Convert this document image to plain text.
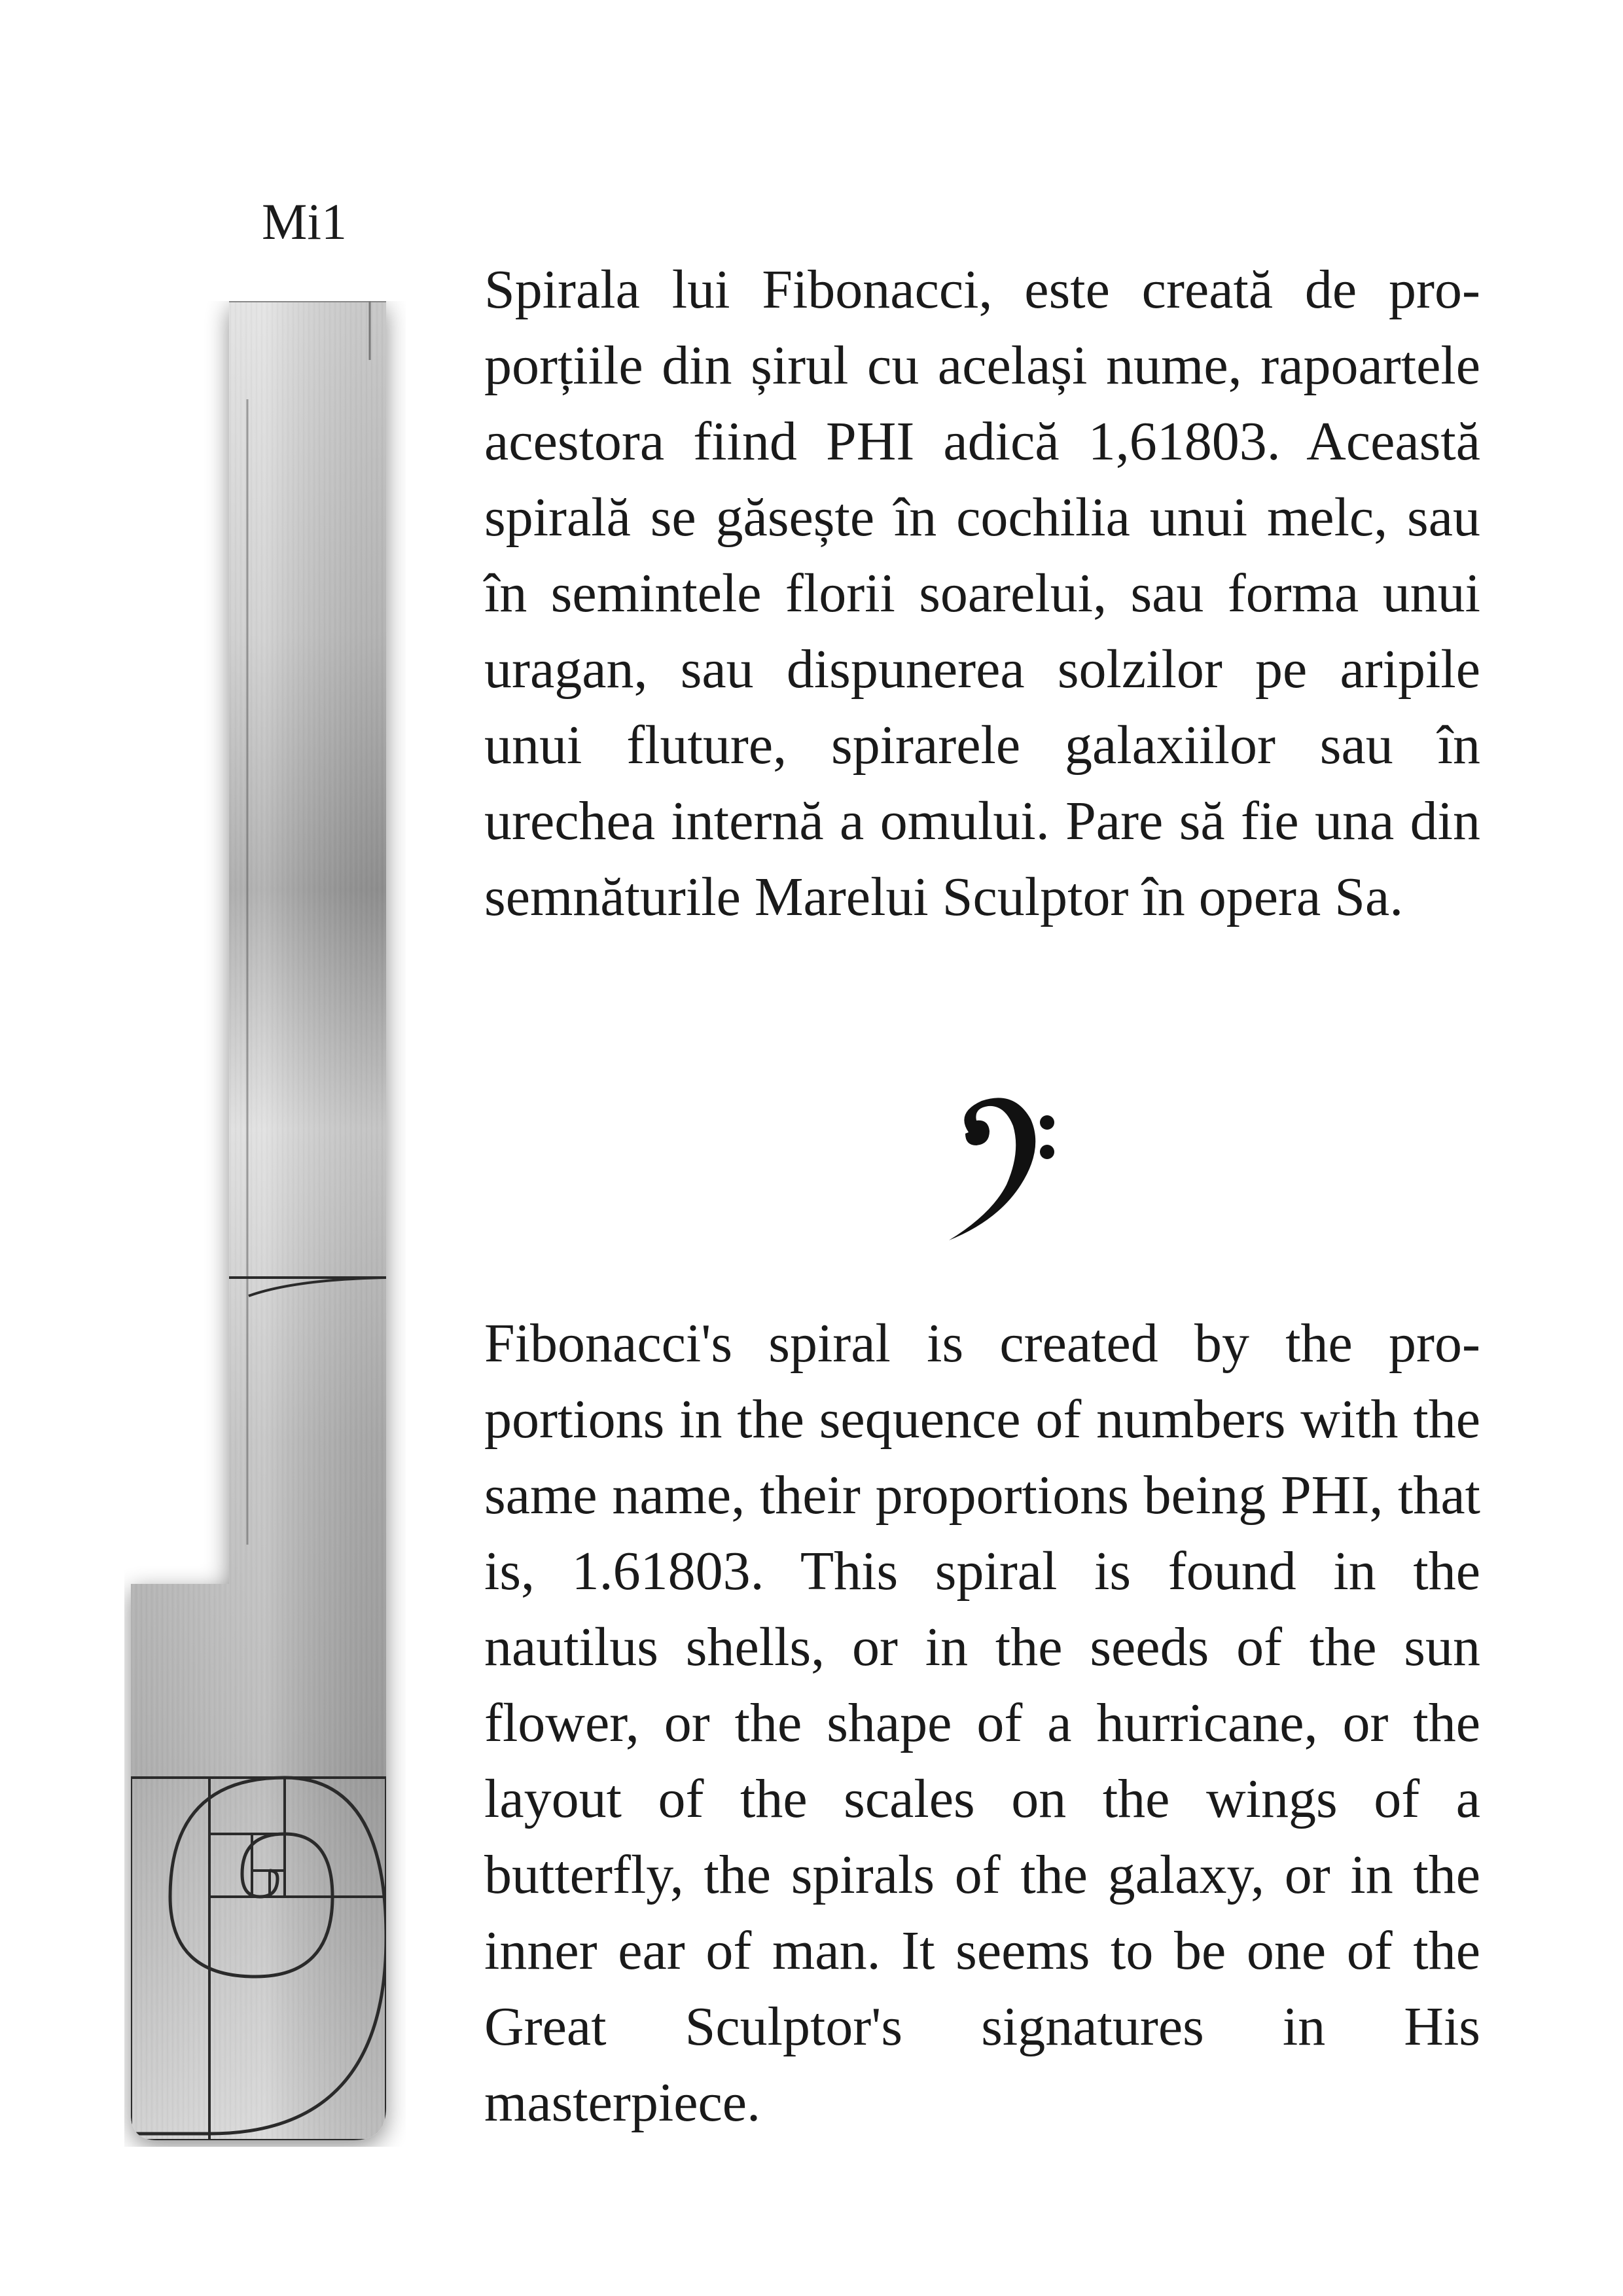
Mi1
Spirala lui Fibonacci, este creată de proporțiile din șirul cu același nume, rapoartele acestora fiind PHI adică 1,61803. Această spirală se găsește în cochilia unui melc, sau în semintele florii soarelui, sau forma unui uragan, sau dispunerea solzilor pe aripile unui fluture, spirarele galaxiilor sau în urechea internă a omului. Pare să fie una din semnăturile Marelui Sculptor în opera Sa.
Fibonacci's spiral is created by the proportions in the sequence of numbers with the same name, their proportions being PHI, that is, 1.61803. This spiral is found in the nautilus shells, or in the seeds of the sun flower, or the shape of a hurricane, or the layout of the scales on the wings of a butterfly, the spirals of the galaxy, or in the inner ear of man. It seems to be one of the Great Sculptor's signatures in His masterpiece.
